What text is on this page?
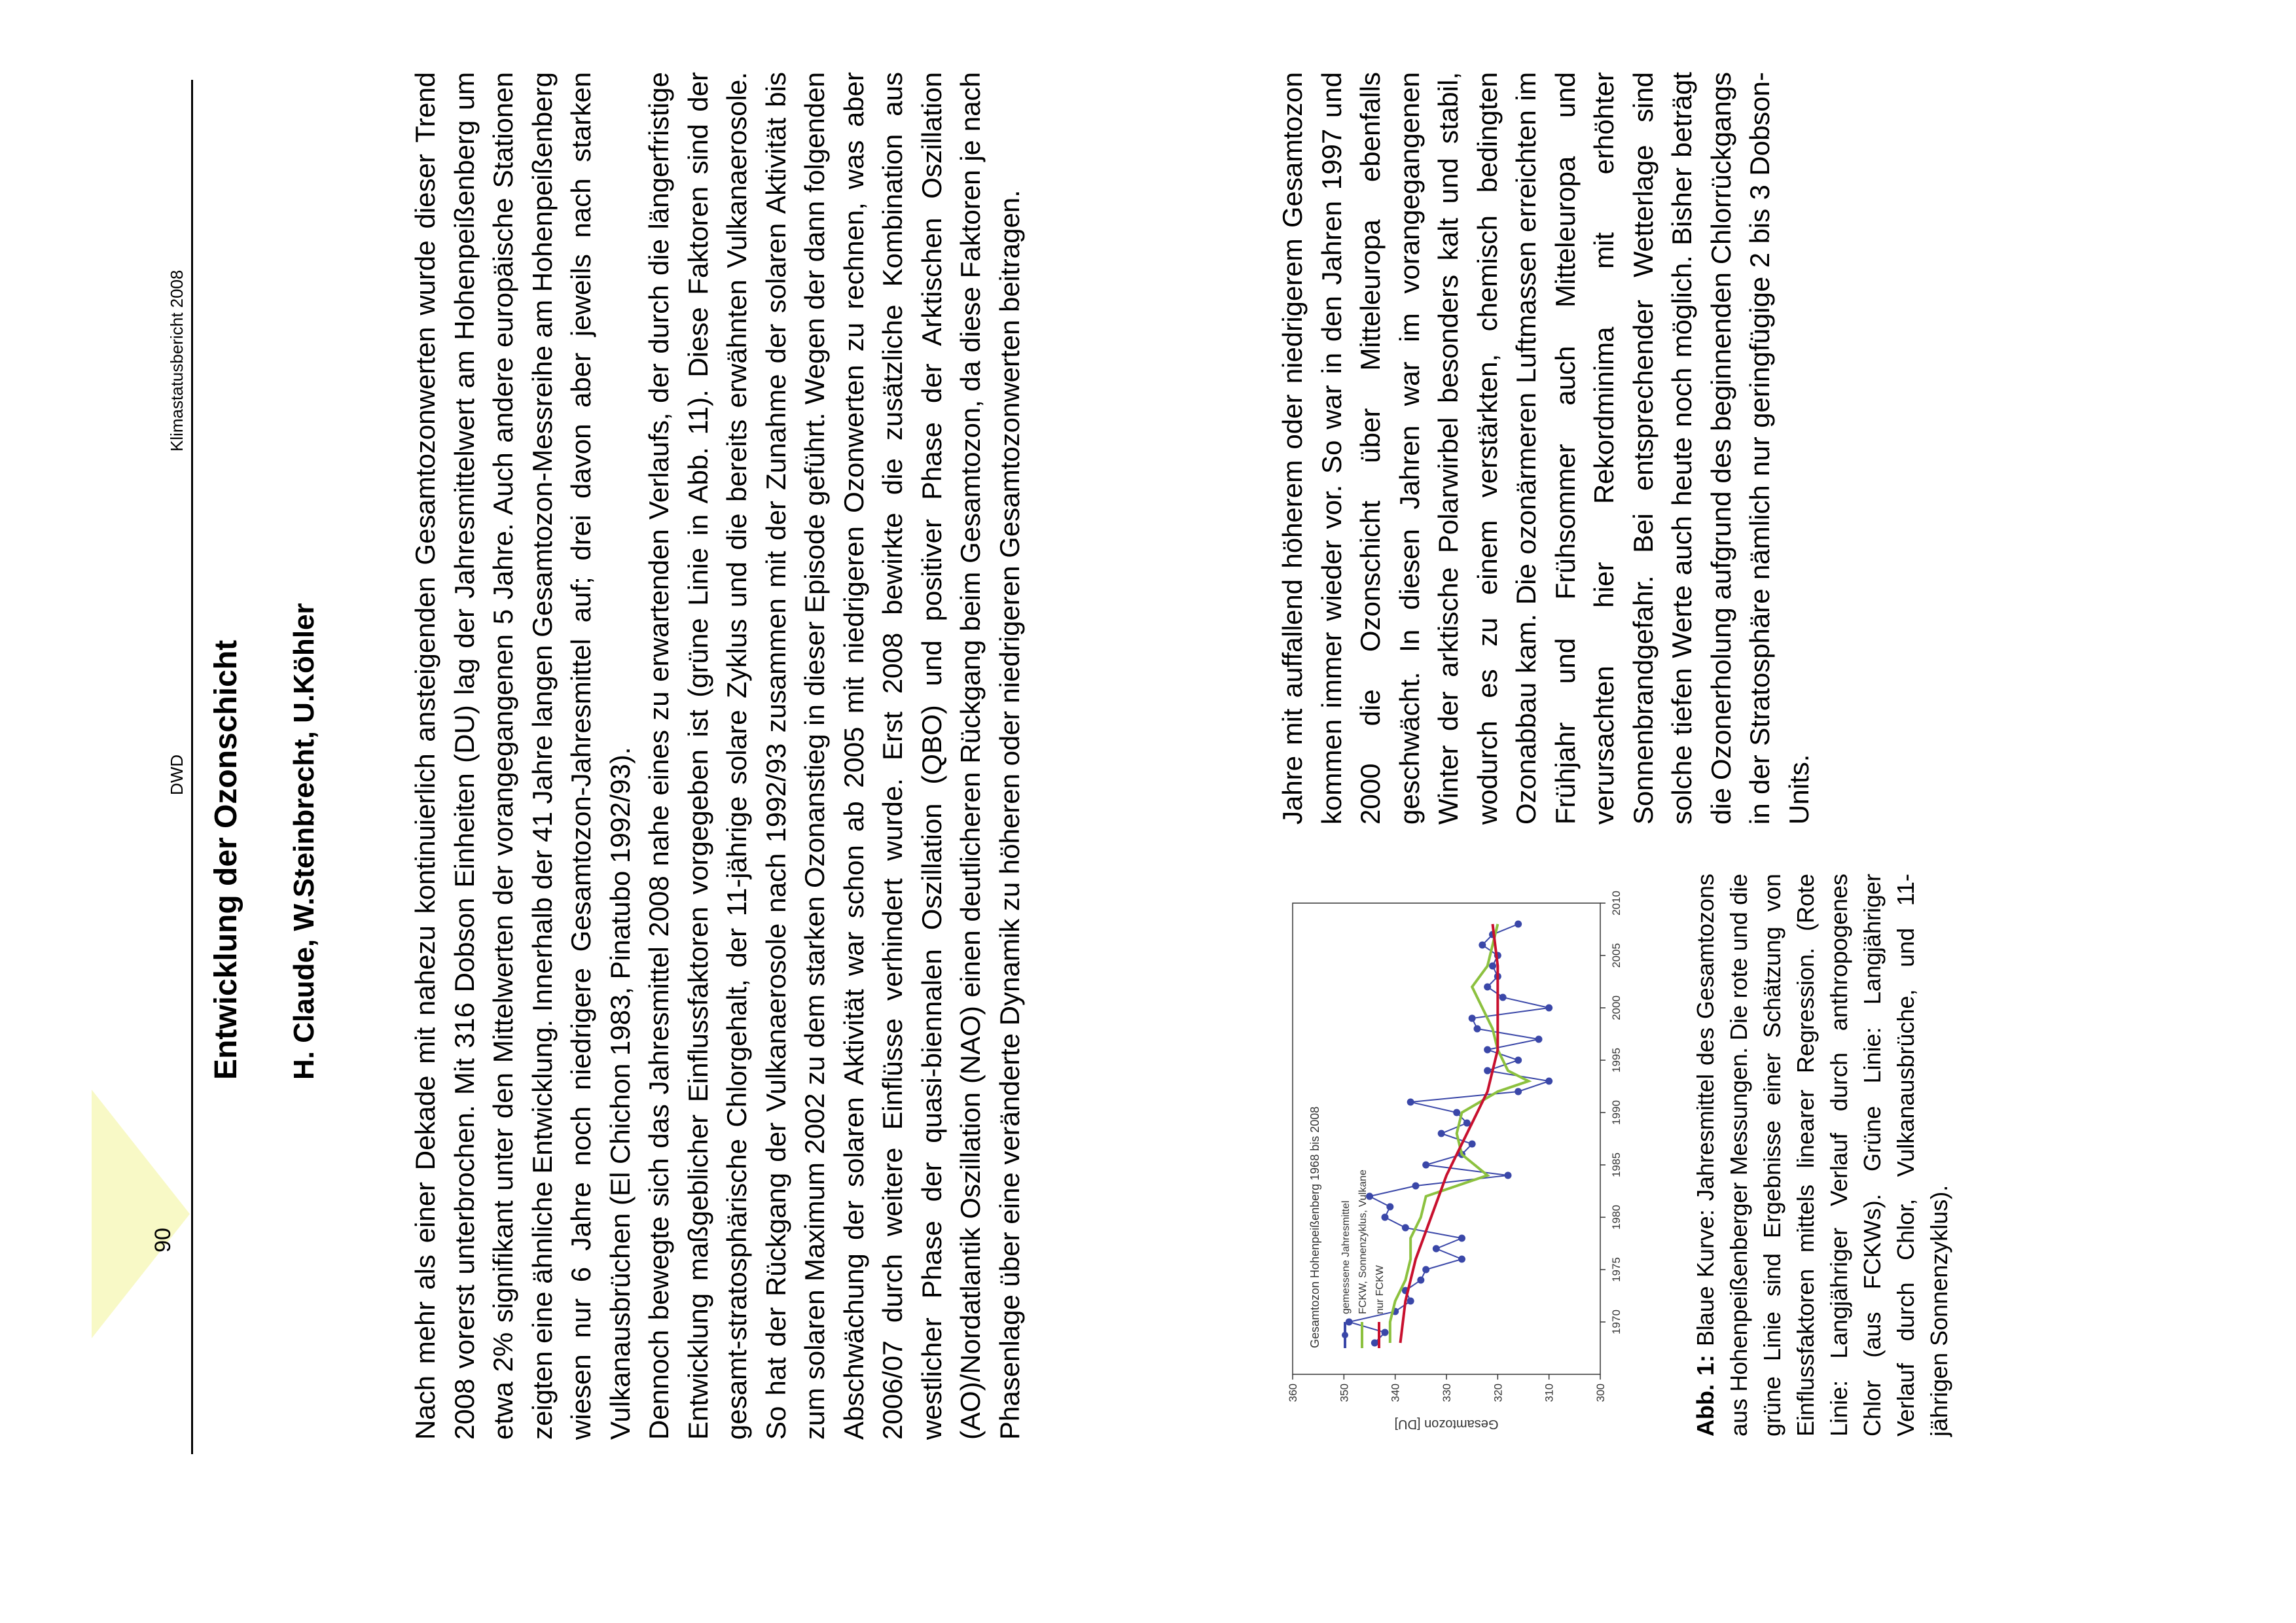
90
DWD
Klimastatusbericht 2008
Entwicklung der Ozonschicht H. Claude, W.Steinbrecht, U.Köhler	Nach mehr als einer Dekade mit nahezu kontinuierlich ansteigenden Gesamtozonwerten wurde dieser Trend 2008 vorerst unterbrochen. Mit 316 Dobson Einheiten (DU) lag der Jahresmittelwert am Hohenpeißenberg um etwa 2% signifikant unter den Mittelwerten der vorangegangenen 5 Jahre. Auch andere europäische Stationen zeigten eine ähnliche Entwicklung. Innerhalb der 41 Jahre langen Gesamtozon-Messreihe am Hohenpeißenberg wiesen nur 6 Jahre noch niedrigere Gesamtozon-Jahresmittel auf; drei davon aber jeweils nach starken Vulkanausbrüchen (El Chichon 1983, Pinatubo 1992/93). Dennoch bewegte sich das Jahresmittel 2008 nahe eines zu erwartenden Verlaufs, der durch die längerfristige Entwicklung maßgeblicher Einflussfaktoren vorgegeben ist (grüne Linie in Abb. 11). Diese Faktoren sind der gesamt-stratosphärische Chlorgehalt, der 11-jährige solare Zyklus und die bereits erwähnten Vulkanaerosole. So hat der Rückgang der Vulkanaerosole nach 1992/93 zusammen mit der Zunahme der solaren Aktivität bis zum solaren Maximum 2002 zu dem starken Ozonanstieg in dieser Episode geführt. Wegen der dann folgenden Abschwächung der solaren Aktivität war schon ab 2005 mit niedrigeren Ozonwerten zu rechnen, was aber 2006/07 durch weitere Einflüsse verhindert wurde. Erst 2008 bewirkte die zusätzliche Kombination aus westlicher Phase der quasi-biennalen Oszillation (QBO) und positiver Phase der Arktischen Oszillation (AO)/Nordatlantik Oszillation (NAO) einen deutlicheren Rückgang beim Gesamtozon, da diese Faktoren je nach Phasenlage über eine veränderte Dynamik zu höheren oder niedrigeren Gesamtozonwerten beitragen.	300
310
320
330
340
350
360
1970
1975
1980
1985
1990
1995
2000
2005
2010
Gesamtozon [DU]
Gesamtozon Hohenpeißenberg 1968 bis 2008 gemessene Jahresmittel FCKW, Sonnenzyklus, Vulkane nur FCKW
Abb. 1: Blaue Kurve: Jahresmittel des Gesamtozons aus Hohenpeißenberger Messungen. Die rote und die grüne Linie sind Ergebnisse einer Schätzung von Einflussfaktoren mittels linearer Regression. (Rote Linie: Langjähriger Verlauf durch anthropogenes Chlor (aus FCKWs). Grüne Linie: Langjähriger Verlauf durch Chlor, Vulkanausbrüche, und 11-jährigen Sonnenzyklus).

Jahre mit auffallend höherem oder niedrigerem Gesamtozon kommen immer wieder vor. So war in den Jahren 1997 und 2000 die Ozonschicht über Mitteleuropa ebenfalls geschwächt. In diesen Jahren war im vorangegangenen Winter der arktische Polarwirbel besonders kalt und stabil, wodurch es zu einem verstärkten, chemisch bedingten Ozonabbau kam. Die ozonärmeren Luftmassen erreichten im Frühjahr und Frühsommer auch Mitteleuropa und verursachten hier Rekordminima mit erhöhter Sonnenbrandgefahr. Bei entsprechender Wetterlage sind solche tiefen Werte auch heute noch möglich. Bisher beträgt die Ozonerholung aufgrund des beginnenden Chlorrückgangs in der Stratosphäre nämlich nur geringfügige 2 bis 3 Dobson-Units.
